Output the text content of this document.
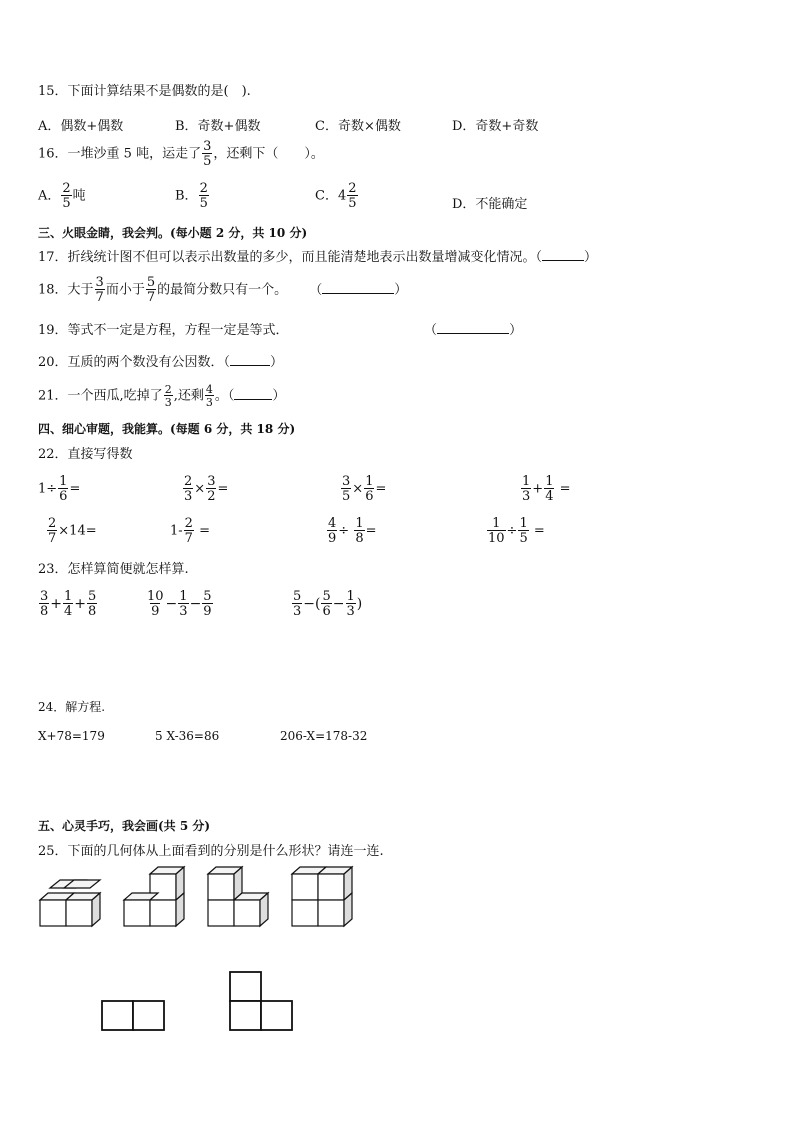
15．下面计算结果不是偶数的是(　).
A．偶数+偶数	B．奇数+偶数	C．奇数×偶数	D．奇数+奇数
16．一堆沙重 5 吨，运走了 $\frac{3}{5}$ ，还剩下（　　）。
A． $\frac{2}{5}$ 吨	B． $\frac{2}{5}$	C．$4 \frac{2}{5}$	D．不能确定
三、火眼金睛，我会判。(每小题 2 分，共 10 分)
17．折线统计图不但可以表示出数量的多少，而且能清楚地表示出数量增减变化情况。（	）
18．大于 $\frac{3}{7}$ 而小于 $\frac{5}{7}$ 的最简分数只有一个。 （	）
19．等式不一定是方程，方程一定是等式．	（	）
20．互质的两个数没有公因数．（	）
21．一个西瓜,吃掉了 $\frac{2}{3}$ ,还剩 $\frac{4}{3}$ 。（	）
四、细心审题，我能算。(每题 6 分，共 18 分)
22．直接写得数
$1\div \frac{1}{6}$ =	$\frac{2}{3} \times \frac{3}{2}$ =	$\frac{3}{5} \times \frac{1}{6}$ =	$\frac{1}{3} + \frac{1}{4}$ =
$\frac{2}{7} \times 14=$	$1- \frac{2}{7}$ =	$\frac{4}{9} \div \frac{1}{8}$ =	$\frac{1}{10} \div \frac{1}{5}$ =
23．怎样算简便就怎样算.
$\frac{3}{8} + \frac{1}{4} + \frac{5}{8}$	$\frac{10}{9} - \frac{1}{3} - \frac{5}{9}$	$\frac{5}{3}$ −( $\frac{5}{6} - \frac{1}{3}$ )
24．解方程.
X+78=179	5 X-36=86	206-X=178-32
五、心灵手巧，我会画(共 5 分)
25．下面的几何体从上面看到的分别是什么形状？请连一连.
